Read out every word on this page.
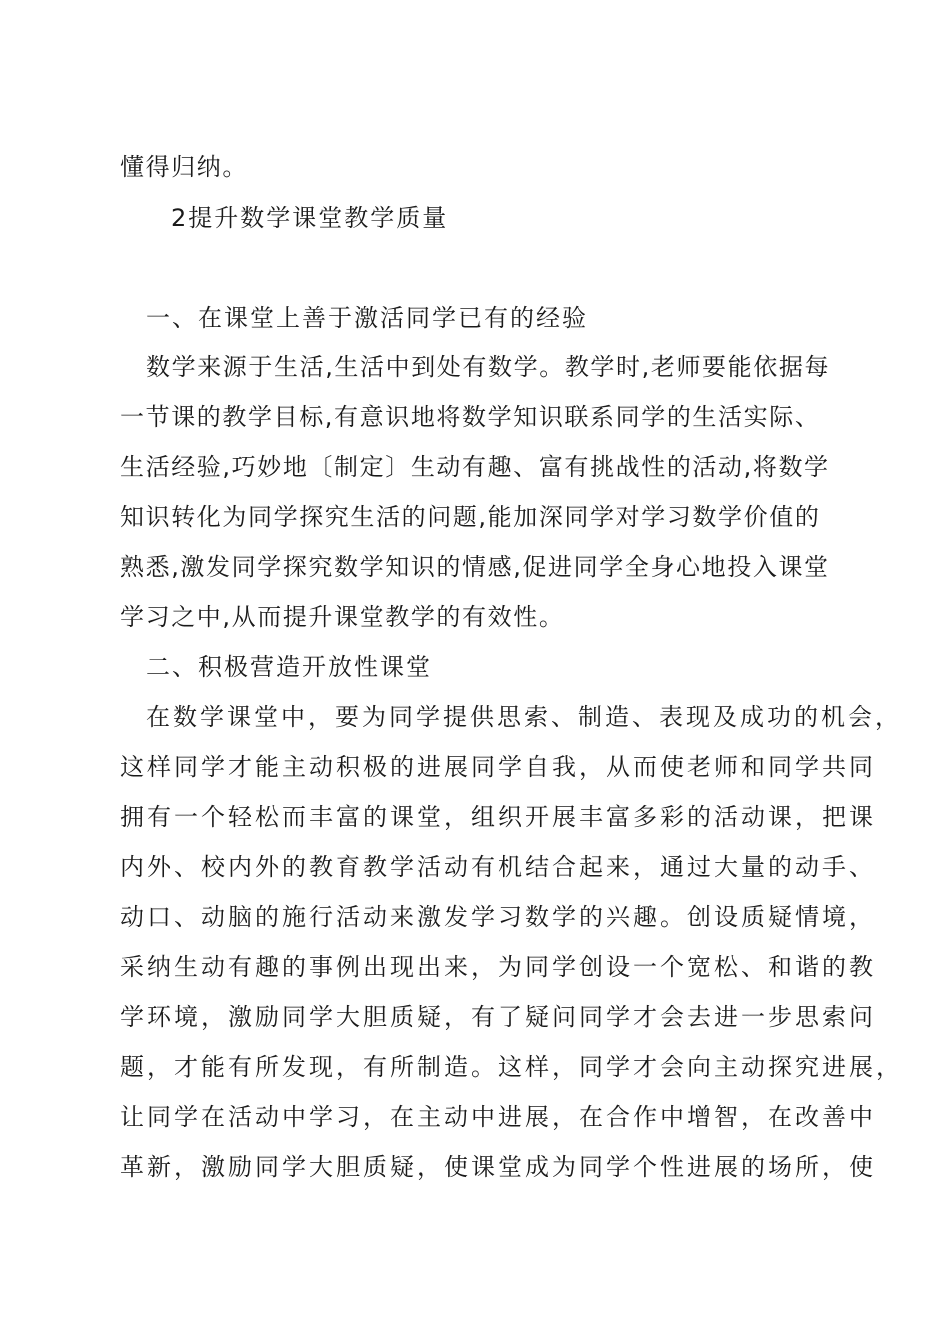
懂得归纳。
2提升数学课堂教学质量
一、在课堂上善于激活同学已有的经验
数学来源于生活,生活中到处有数学。教学时,老师要能依据每
一节课的教学目标,有意识地将数学知识联系同学的生活实际、
生活经验,巧妙地〔制定〕生动有趣、富有挑战性的活动,将数学
知识转化为同学探究生活的问题,能加深同学对学习数学价值的
熟悉,激发同学探究数学知识的情感,促进同学全身心地投入课堂
学习之中,从而提升课堂教学的有效性。
二、积极营造开放性课堂
在数学课堂中，要为同学提供思索、制造、表现及成功的机会，
这样同学才能主动积极的进展同学自我，从而使老师和同学共同
拥有一个轻松而丰富的课堂，组织开展丰富多彩的活动课，把课
内外、校内外的教育教学活动有机结合起来，通过大量的动手、
动口、动脑的施行活动来激发学习数学的兴趣。创设质疑情境，
采纳生动有趣的事例出现出来，为同学创设一个宽松、和谐的教
学环境，激励同学大胆质疑，有了疑问同学才会去进一步思索问
题，才能有所发现，有所制造。这样，同学才会向主动探究进展，
让同学在活动中学习，在主动中进展，在合作中增智，在改善中
革新，激励同学大胆质疑，使课堂成为同学个性进展的场所，使
